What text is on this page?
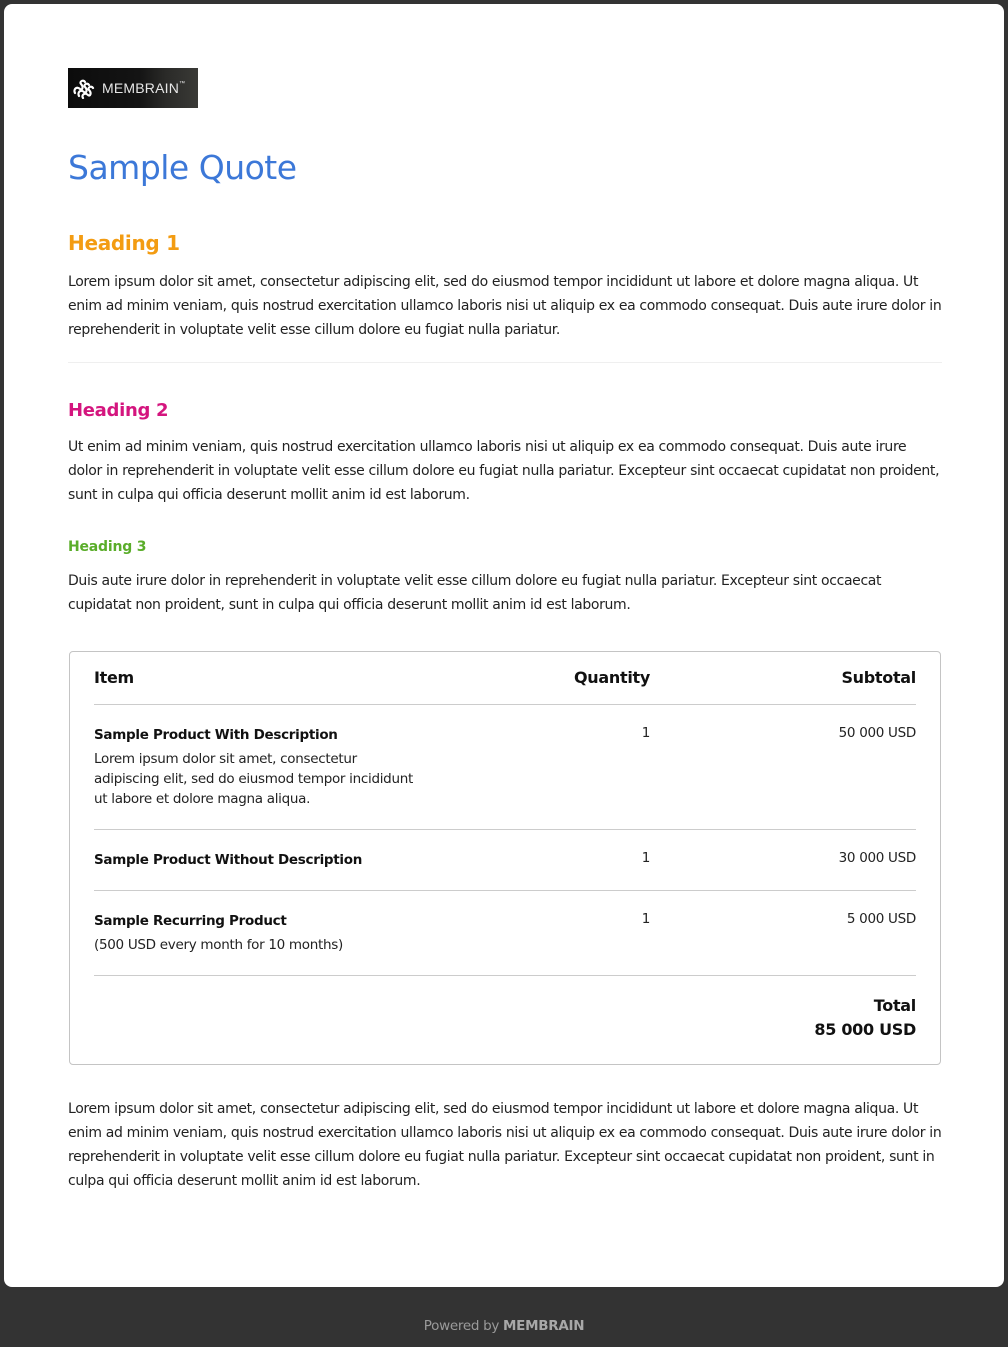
MEMBRAIN™
Sample Quote
Heading 1

Lorem ipsum dolor sit amet, consectetur adipiscing elit, sed do eiusmod tempor incididunt ut labore et dolore magna aliqua. Ut enim ad minim veniam, quis nostrud exercitation ullamco laboris nisi ut aliquip ex ea commodo consequat. Duis aute irure dolor in reprehenderit in voluptate velit esse cillum dolore eu fugiat nulla pariatur.

Heading 2

Ut enim ad minim veniam, quis nostrud exercitation ullamco laboris nisi ut aliquip ex ea commodo consequat. Duis aute irure dolor in reprehenderit in voluptate velit esse cillum dolore eu fugiat nulla pariatur. Excepteur sint occaecat cupidatat non proident, sunt in culpa qui officia deserunt mollit anim id est laborum.

Heading 3

Duis aute irure dolor in reprehenderit in voluptate velit esse cillum dolore eu fugiat nulla pariatur. Excepteur sint occaecat cupidatat non proident, sunt in culpa qui officia deserunt mollit anim id est laborum.

Item	Quantity	Subtotal

Sample Product With Description
Lorem ipsum dolor sit amet, consectetur adipiscing elit, sed do eiusmod tempor incididunt ut labore et dolore magna aliqua.	1	50 000 USD

Sample Product Without Description	1	30 000 USD

Sample Recurring Product
(500 USD every month for 10 months)	1	5 000 USD

		Total
85 000 USD

Lorem ipsum dolor sit amet, consectetur adipiscing elit, sed do eiusmod tempor incididunt ut labore et dolore magna aliqua. Ut enim ad minim veniam, quis nostrud exercitation ullamco laboris nisi ut aliquip ex ea commodo consequat. Duis aute irure dolor in reprehenderit in voluptate velit esse cillum dolore eu fugiat nulla pariatur. Excepteur sint occaecat cupidatat non proident, sunt in culpa qui officia deserunt mollit anim id est laborum.

Powered by MEMBRAIN
